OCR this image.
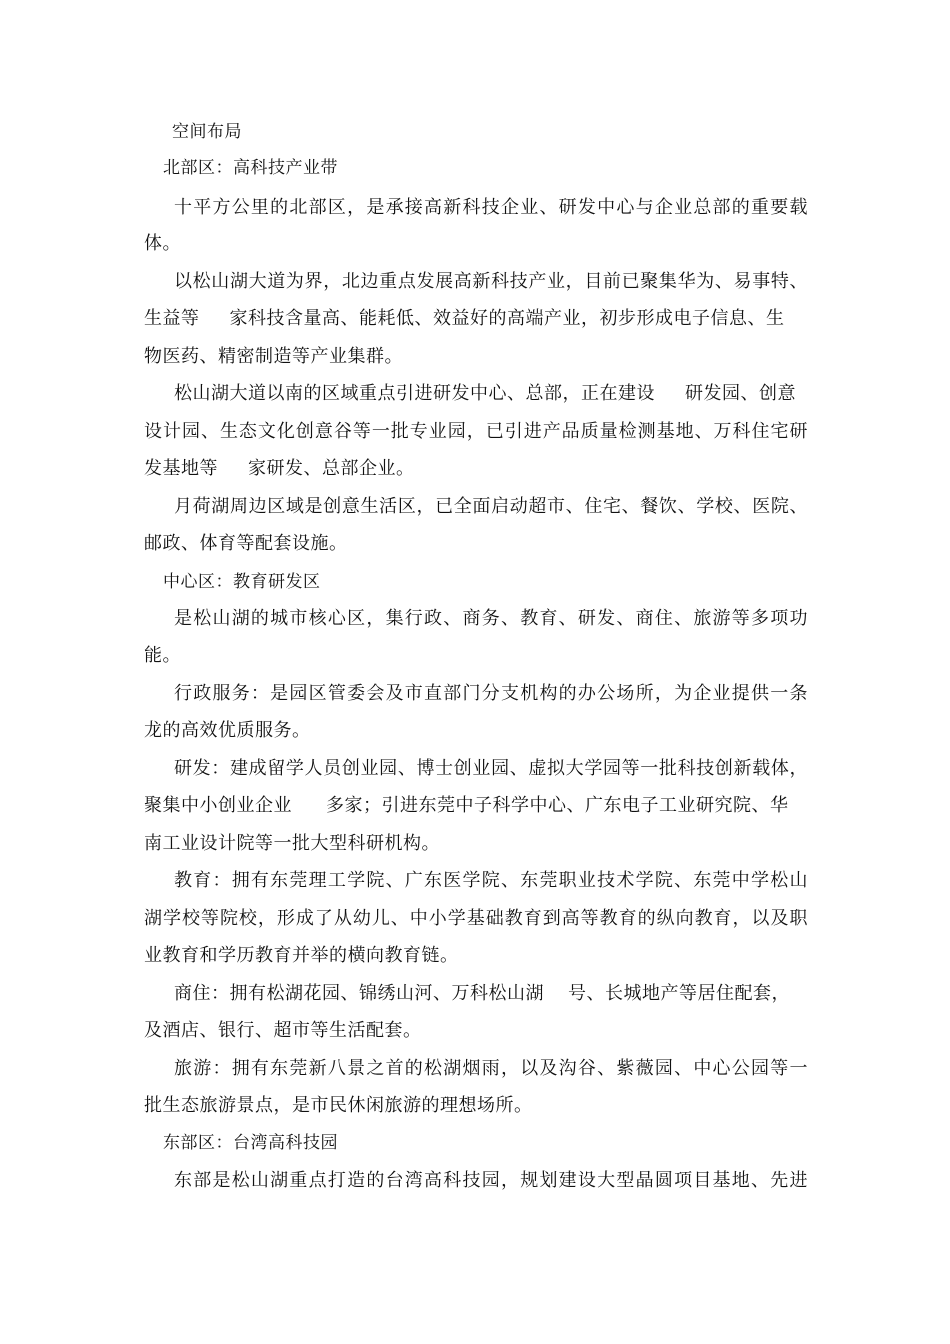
空间布局
北部区：高科技产业带
十平方公里的北部区，是承接高新科技企业、研发中心与企业总部的重要载
体。
以松山湖大道为界，北边重点发展高新科技产业，目前已聚集华为、易事特、
生益等 家科技含量高、能耗低、效益好的高端产业，初步形成电子信息、生
物医药、精密制造等产业集群。
松山湖大道以南的区域重点引进研发中心、总部，正在建设 研发园、创意
设计园、生态文化创意谷等一批专业园，已引进产品质量检测基地、万科住宅研
发基地等 家研发、总部企业。
月荷湖周边区域是创意生活区，已全面启动超市、住宅、餐饮、学校、医院、
邮政、体育等配套设施。
中心区：教育研发区
是松山湖的城市核心区，集行政、商务、教育、研发、商住、旅游等多项功
能。
行政服务：是园区管委会及市直部门分支机构的办公场所，为企业提供一条
龙的高效优质服务。
研发：建成留学人员创业园、博士创业园、虚拟大学园等一批科技创新载体，
聚集中小创业企业 多家；引进东莞中子科学中心、广东电子工业研究院、华
南工业设计院等一批大型科研机构。
教育：拥有东莞理工学院、广东医学院、东莞职业技术学院、东莞中学松山
湖学校等院校，形成了从幼儿、中小学基础教育到高等教育的纵向教育，以及职
业教育和学历教育并举的横向教育链。
商住：拥有松湖花园、锦绣山河、万科松山湖 号、长城地产等居住配套，
及酒店、银行、超市等生活配套。
旅游：拥有东莞新八景之首的松湖烟雨，以及沟谷、紫薇园、中心公园等一
批生态旅游景点，是市民休闲旅游的理想场所。
东部区：台湾高科技园
东部是松山湖重点打造的台湾高科技园，规划建设大型晶圆项目基地、先进
